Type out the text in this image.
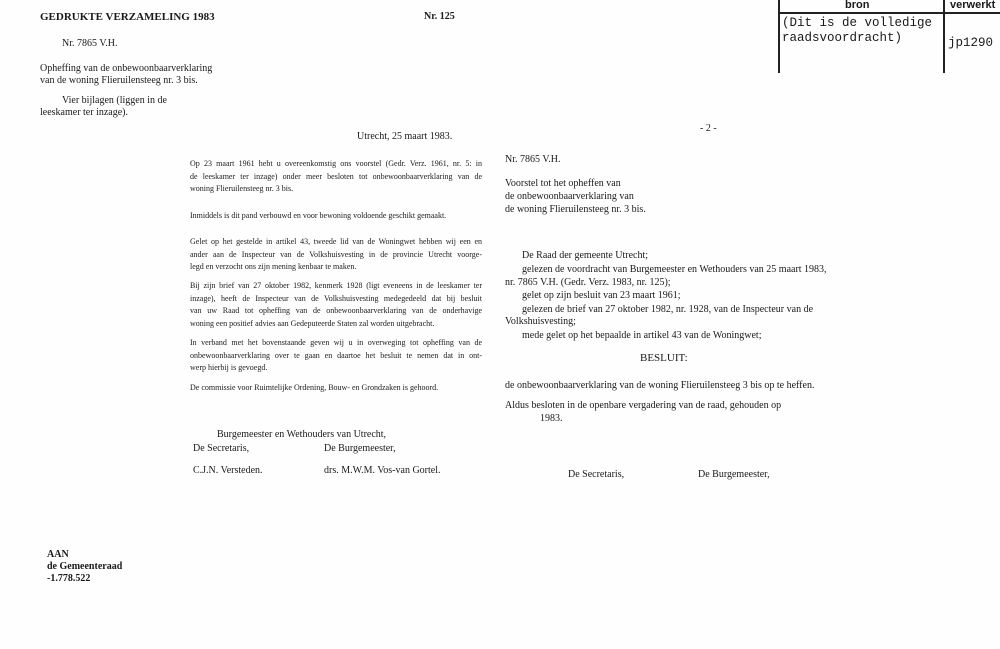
GEDRUKTE VERZAMELING 1983	Nr. 125
Nr. 7865 V.H.
Opheffing van de onbewoonbaarverklaring
van de woning Flieruilensteeg nr. 3 bis.
Vier bijlagen (liggen in de
leeskamer ter inzage).
Utrecht, 25 maart 1983.
Op 23 maart 1961 hebt u overeenkomstig ons voorstel (Gedr. Verz. 1961, nr. 5: in
de leeskamer ter inzage) onder meer besloten tot onbewoonbaarverklaring van de
woning Flieruilensteeg nr. 3 bis.
Inmiddels is dit pand verbouwd en voor bewoning voldoende geschikt gemaakt.
Gelet op het gestelde in artikel 43, tweede lid van de Woningwet hebben wij een en
ander aan de Inspecteur van de Volkshuisvesting in de provincie Utrecht voorge-
legd en verzocht ons zijn mening kenbaar te maken.
Bij zijn brief van 27 oktober 1982, kenmerk 1928 (ligt eveneens in de leeskamer ter
inzage), heeft de Inspecteur van de Volkshuisvesting medegedeeld dat bij besluit
van uw Raad tot opheffing van de onbewoonbaarverklaring van de onderhavige
woning een positief advies aan Gedeputeerde Staten zal worden uitgebracht.
In verband met het bovenstaande geven wij u in overweging tot opheffing van de
onbewoonbaarverklaring over te gaan en daartoe het besluit te nemen dat in ont-
werp hierbij is gevoegd.
De commissie voor Ruimtelijke Ordening, Bouw- en Grondzaken is gehoord.
Burgemeester en Wethouders van Utrecht,
De Secretaris,	De Burgemeester,
C.J.N. Versteden.	drs. M.W.M. Vos-van Gortel.
AAN
de Gemeenteraad
-1.778.522
bron	verwerkt
(Dit is de volledige
raadsvoordracht)	jp1290
- 2 -
Nr. 7865 V.H.
Voorstel tot het opheffen van
de onbewoonbaarverklaring van
de woning Flieruilensteeg nr. 3 bis.
De Raad der gemeente Utrecht;
gelezen de voordracht van Burgemeester en Wethouders van 25 maart 1983,
nr. 7865 V.H. (Gedr. Verz. 1983, nr. 125);
gelet op zijn besluit van 23 maart 1961;
gelezen de brief van 27 oktober 1982, nr. 1928, van de Inspecteur van de
Volkshuisvesting;
mede gelet op het bepaalde in artikel 43 van de Woningwet;
BESLUIT:
de onbewoonbaarverklaring van de woning Flieruilensteeg 3 bis op te heffen.
Aldus besloten in de openbare vergadering van de raad, gehouden op
1983.
De Secretaris,	De Burgemeester,
